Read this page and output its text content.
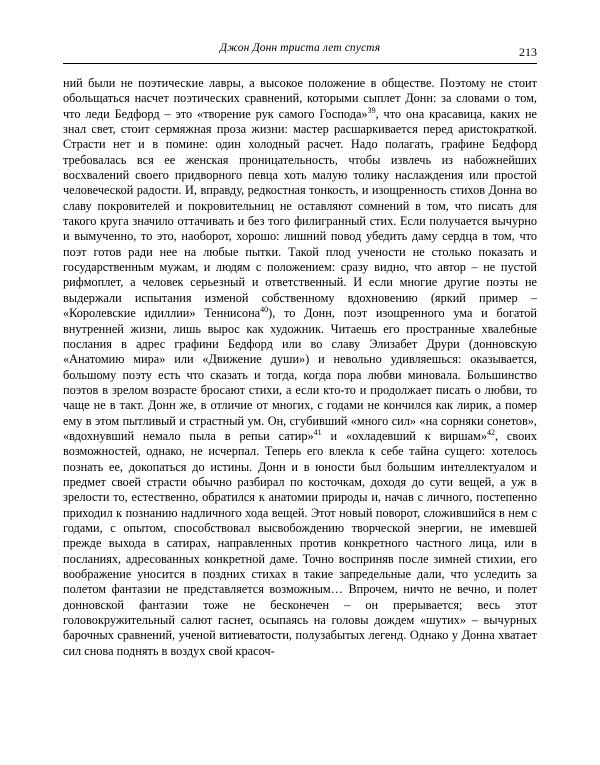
Джон Донн триста лет спустя	213

ний были не поэтические лавры, а высокое положение в обществе. Поэтому не стоит обольщаться насчет поэтических сравнений, которыми сыплет Донн: за словами о том, что леди Бедфорд – это «творение рук самого Господа»$^{39}$, что она красавица, каких не знал свет, стоит сермяжная проза жизни: мастер расшаркивается перед аристократкой. Страсти нет и в помине: один холодный расчет. Надо полагать, графине Бедфорд требовалась вся ее женская проницательность, чтобы извлечь из набожнейших восхвалений своего придворного певца хоть малую толику наслаждения или простой человеческой радости. И, вправду, редкостная тонкость, и изощренность стихов Донна во славу покровителей и покровительниц не оставляют сомнений в том, что писать для такого круга значило оттачивать и без того филигранный стих. Если получается вычурно и вымученно, то это, наоборот, хорошо: лишний повод убедить даму сердца в том, что поэт готов ради нее на любые пытки. Такой плод учености не столько показать и государственным мужам, и людям с положением: сразу видно, что автор – не пустой рифмоплет, а человек серьезный и ответственный. И если многие другие поэты не выдержали испытания изменой собственному вдохновению (яркий пример – «Королевские идиллии» Теннисона$^{40}$), то Донн, поэт изощренного ума и богатой внутренней жизни, лишь вырос как художник. Читаешь его пространные хвалебные послания в адрес графини Бедфорд или во славу Элизабет Друри (донновскую «Анатомию мира» или «Движение души») и невольно удивляешься: оказывается, большому поэту есть что сказать и тогда, когда пора любви миновала. Большинство поэтов в зрелом возрасте бросают стихи, а если кто-то и продолжает писать о любви, то чаще не в такт. Донн же, в отличие от многих, с годами не кончился как лирик, а помер ему в этом пытливый и страстный ум. Он, сгубивший «много сил» «на сорняки сонетов», «вдохнувший немало пыла в репьи сатир»$^{41}$ и «охладевший к виршам»$^{42}$, своих возможностей, однако, не исчерпал. Теперь его влекла к себе тайна сущего: хотелось познать ее, докопаться до истины. Донн и в юности был большим интеллектуалом и предмет своей страсти обычно разбирал по косточкам, доходя до сути вещей, а уж в зрелости то, естественно, обратился к анатомии природы и, начав с личного, постепенно приходил к познанию надличного хода вещей. Этот новый поворот, сложившийся в нем с годами, с опытом, способствовал высвобождению творческой энергии, не имевшей прежде выхода в сатирах, направленных против конкретного частного лица, или в посланиях, адресованных конкретной даме. Точно восприняв после зимней стихии, его воображение уносится в поздних стихах в такие запредельные дали, что уследить за полетом фантазии не представляется возможным… Впрочем, ничто не вечно, и полет донновской фантазии тоже не бесконечен – он прерывается; весь этот головокружительный салют гаснет, осыпаясь на головы дождем «шутих» – вычурных барочных сравнений, ученой витиеватости, полузабытых легенд. Однако у Донна хватает сил снова поднять в воздух свой красоч-
